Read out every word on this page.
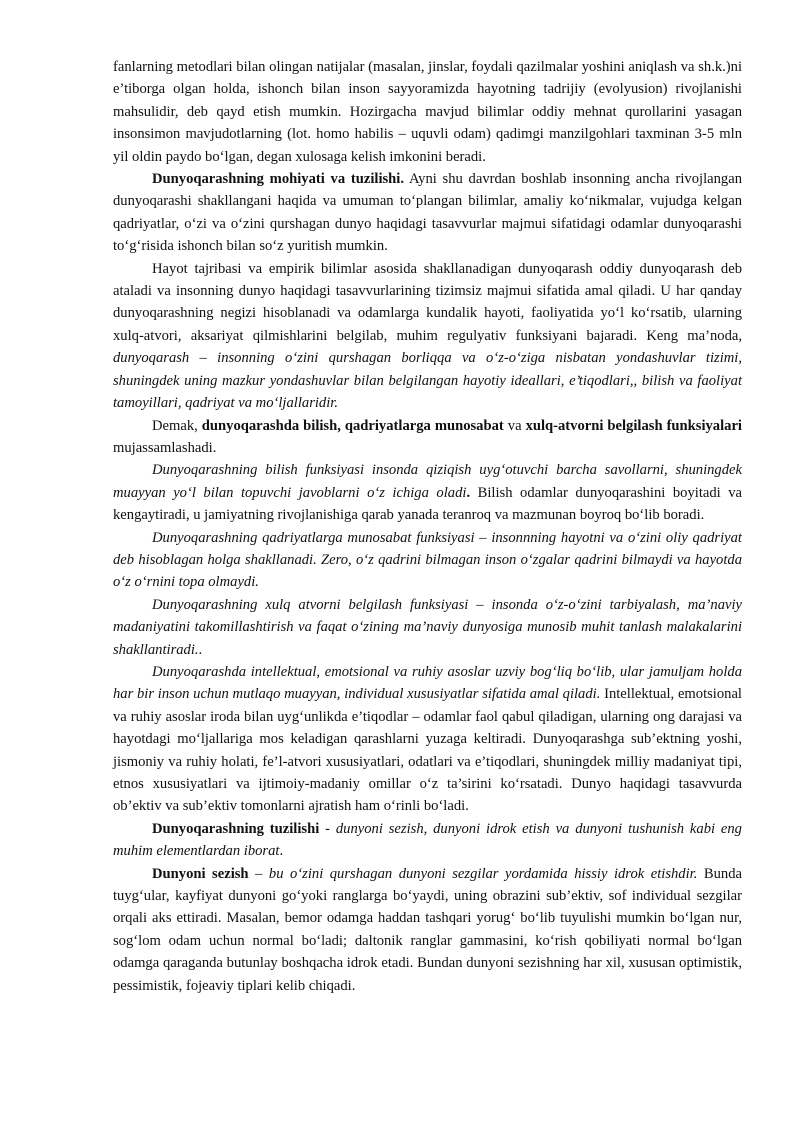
fanlarning metodlari bilan olingan natijalar (masalan, jinslar, foydali qazilmalar yoshini aniqlash va sh.k.)ni e’tiborga olgan holda, ishonch bilan inson sayyoramizda hayotning tadrijiy (evolyusion) rivojlanishi mahsulidir, deb qayd etish mumkin. Hozirgacha mavjud bilimlar oddiy mehnat qurollarini yasagan insonsimon mavjudotlarning (lot. homo habilis – uquvli odam) qadimgi manzilgohlari taxminan 3-5 mln yil oldin paydo bo‘lgan, degan xulosaga kelish imkonini beradi.

Dunyoqarashning mohiyati va tuzilishi. Ayni shu davrdan boshlab insonning ancha rivojlangan dunyoqarashi shakllangani haqida va umuman to‘plangan bilimlar, amaliy ko‘nikmalar, vujudga kelgan qadriyatlar, o‘zi va o‘zini qurshagan dunyo haqidagi tasavvurlar majmui sifatidagi odamlar dunyoqarashi to‘g‘risida ishonch bilan so‘z yuritish mumkin.

Hayot tajribasi va empirik bilimlar asosida shakllanadigan dunyoqarash oddiy dunyoqarash deb ataladi va insonning dunyo haqidagi tasavvurlarining tizimsiz majmui sifatida amal qiladi. U har qanday dunyoqarashning negizi hisoblanadi va odamlarga kundalik hayoti, faoliyatida yo‘l ko‘rsatib, ularning xulq-atvori, aksariyat qilmishlarini belgilab, muhim regulyativ funksiyani bajaradi. Keng ma’noda, dunyoqarash – insonning o‘zini qurshagan borliqqa va o‘z-o‘ziga nisbatan yondashuvlar tizimi, shuningdek uning mazkur yondashuvlar bilan belgilangan hayotiy ideallari, e’tiqodlari,, bilish va faoliyat tamoyillari, qadriyat va mo‘ljallaridir.

Demak, dunyoqarashda bilish, qadriyatlarga munosabat va xulq-atvorni belgilash funksiyalari mujassamlashadi.

Dunyoqarashning bilish funksiyasi insonda qiziqish uyg‘otuvchi barcha savollarni, shuningdek muayyan yo‘l bilan topuvchi javoblarni o‘z ichiga oladi. Bilish odamlar dunyoqarashini boyitadi va kengaytiradi, u jamiyatning rivojlanishiga qarab yanada teranroq va mazmunan boyroq bo‘lib boradi.

Dunyoqarashning qadriyatlarga munosabat funksiyasi – insonnning hayotni va o‘zini oliy qadriyat deb hisoblagan holga shakllanadi. Zero, o‘z qadrini bilmagan inson o‘zgalar qadrini bilmaydi va hayotda o‘z o‘rnini topa olmaydi.

Dunyoqarashning xulq atvorni belgilash funksiyasi – insonda o‘z-o‘zini tarbiyalash, ma’naviy madaniyatini takomillashtirish va faqat o‘zining ma’naviy dunyosiga munosib muhit tanlash malakalarini shakllantiradi..

Dunyoqarashda intellektual, emotsional va ruhiy asoslar uzviy bog‘liq bo‘lib, ular jamuljam holda har bir inson uchun mutlaqo muayyan, individual xususiyatlar sifatida amal qiladi. Intellektual, emotsional va ruhiy asoslar iroda bilan uyg‘unlikda e’tiqodlar – odamlar faol qabul qiladigan, ularning ong darajasi va hayotdagi mo‘ljallariga mos keladigan qarashlarni yuzaga keltiradi. Dunyoqarashga sub’ektning yoshi, jismoniy va ruhiy holati, fe’l-atvori xususiyatlari, odatlari va e’tiqodlari, shuningdek milliy madaniyat tipi, etnos xususiyatlari va ijtimoiy-madaniy omillar o‘z ta’sirini ko‘rsatadi. Dunyo haqidagi tasavvurda ob’ektiv va sub’ektiv tomonlarni ajratish ham o‘rinli bo‘ladi.

Dunyoqarashning tuzilishi - dunyoni sezish, dunyoni idrok etish va dunyoni tushunish kabi eng muhim elementlardan iborat.

Dunyoni sezish – bu o‘zini qurshagan dunyoni sezgilar yordamida hissiy idrok etishdir. Bunda tuyg‘ular, kayfiyat dunyoni go‘yoki ranglarga bo‘yaydi, uning obrazini sub’ektiv, sof individual sezgilar orqali aks ettiradi. Masalan, bemor odamga haddan tashqari yorug‘ bo‘lib tuyulishi mumkin bo‘lgan nur, sog‘lom odam uchun normal bo‘ladi; daltonik ranglar gammasini, ko‘rish qobiliyati normal bo‘lgan odamga qaraganda butunlay boshqacha idrok etadi. Bundan dunyoni sezishning har xil, xususan optimistik, pessimistik, fojeaviy tiplari kelib chiqadi.
